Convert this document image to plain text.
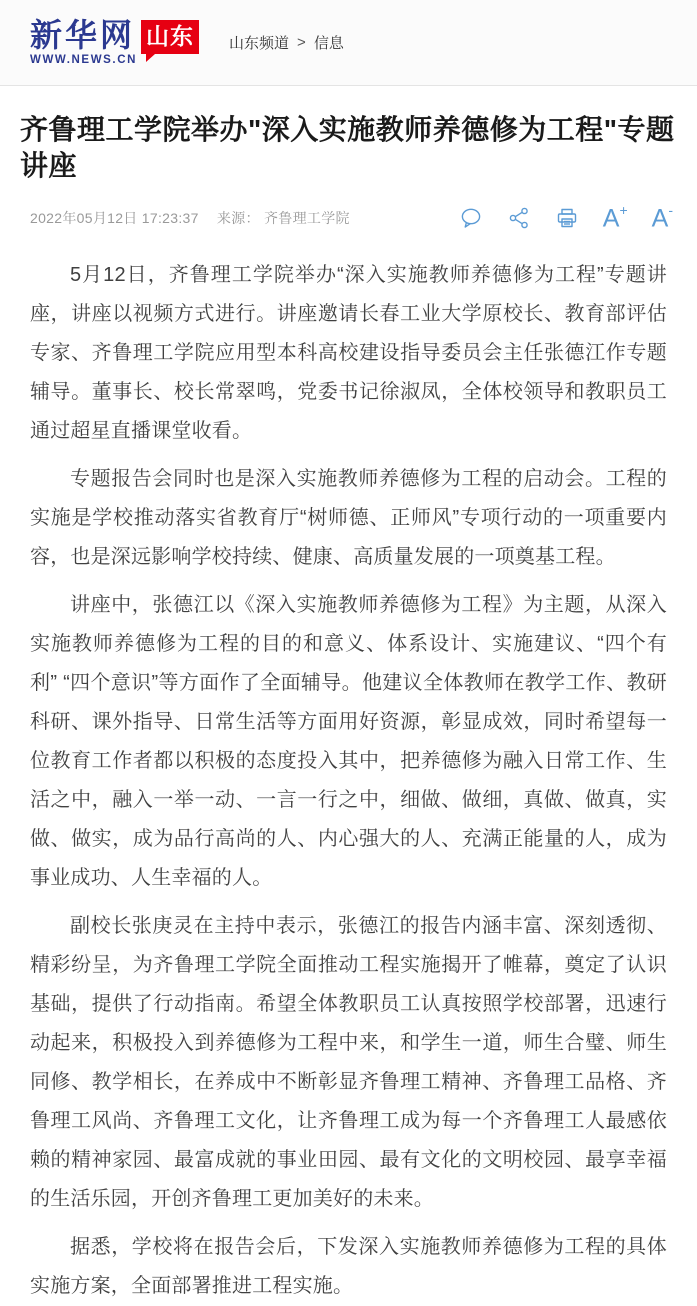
新华网
WWW.NEWS.CN
山东	山东频道 > 信息
齐鲁理工学院举办"深入实施教师养德修为工程"专题讲座
2022年05月12日 17:23:37 来源： 齐鲁理工学院	A+ A-

5月12日，齐鲁理工学院举办“深入实施教师养德修为工程”专题讲座，讲座以视频方式进行。讲座邀请长春工业大学原校长、教育部评估专家、齐鲁理工学院应用型本科高校建设指导委员会主任张德江作专题辅导。董事长、校长常翠鸣，党委书记徐淑凤，全体校领导和教职员工通过超星直播课堂收看。

专题报告会同时也是深入实施教师养德修为工程的启动会。工程的实施是学校推动落实省教育厅“树师德、正师风”专项行动的一项重要内容，也是深远影响学校持续、健康、高质量发展的一项奠基工程。

讲座中，张德江以《深入实施教师养德修为工程》为主题，从深入实施教师养德修为工程的目的和意义、体系设计、实施建议、“四个有利” “四个意识”等方面作了全面辅导。他建议全体教师在教学工作、教研科研、课外指导、日常生活等方面用好资源，彰显成效，同时希望每一位教育工作者都以积极的态度投入其中，把养德修为融入日常工作、生活之中，融入一举一动、一言一行之中，细做、做细，真做、做真，实做、做实，成为品行高尚的人、内心强大的人、充满正能量的人，成为事业成功、人生幸福的人。

副校长张庚灵在主持中表示，张德江的报告内涵丰富、深刻透彻、精彩纷呈，为齐鲁理工学院全面推动工程实施揭开了帷幕，奠定了认识基础，提供了行动指南。希望全体教职员工认真按照学校部署，迅速行动起来，积极投入到养德修为工程中来，和学生一道，师生合璧、师生同修、教学相长，在养成中不断彰显齐鲁理工精神、齐鲁理工品格、齐鲁理工风尚、齐鲁理工文化，让齐鲁理工成为每一个齐鲁理工人最感依赖的精神家园、最富成就的事业田园、最有文化的文明校园、最享幸福的生活乐园，开创齐鲁理工更加美好的未来。

据悉，学校将在报告会后，下发深入实施教师养德修为工程的具体实施方案，全面部署推进工程实施。
